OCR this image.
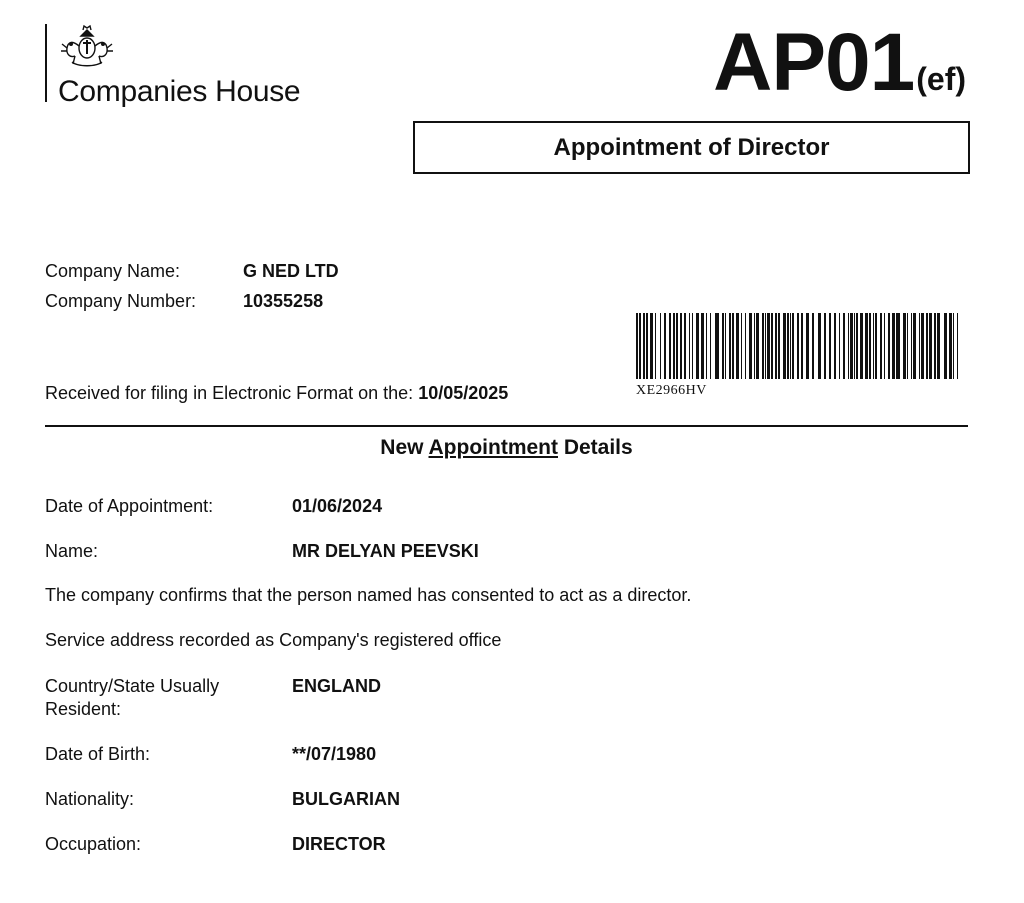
Companies House	AP01(ef)
Appointment of Director
Company Name:	G NED LTD
Company Number:	10355258
XE2966HV
Received for filing in Electronic Format on the: 10/05/2025
New Appointment Details
Date of Appointment:	01/06/2024
Name:	MR DELYAN PEEVSKI
The company confirms that the person named has consented to act as a director.
Service address recorded as Company's registered office
Country/State Usually Resident:
ENGLAND
Date of Birth:	**/07/1980
Nationality:	BULGARIAN
Occupation:	DIRECTOR
